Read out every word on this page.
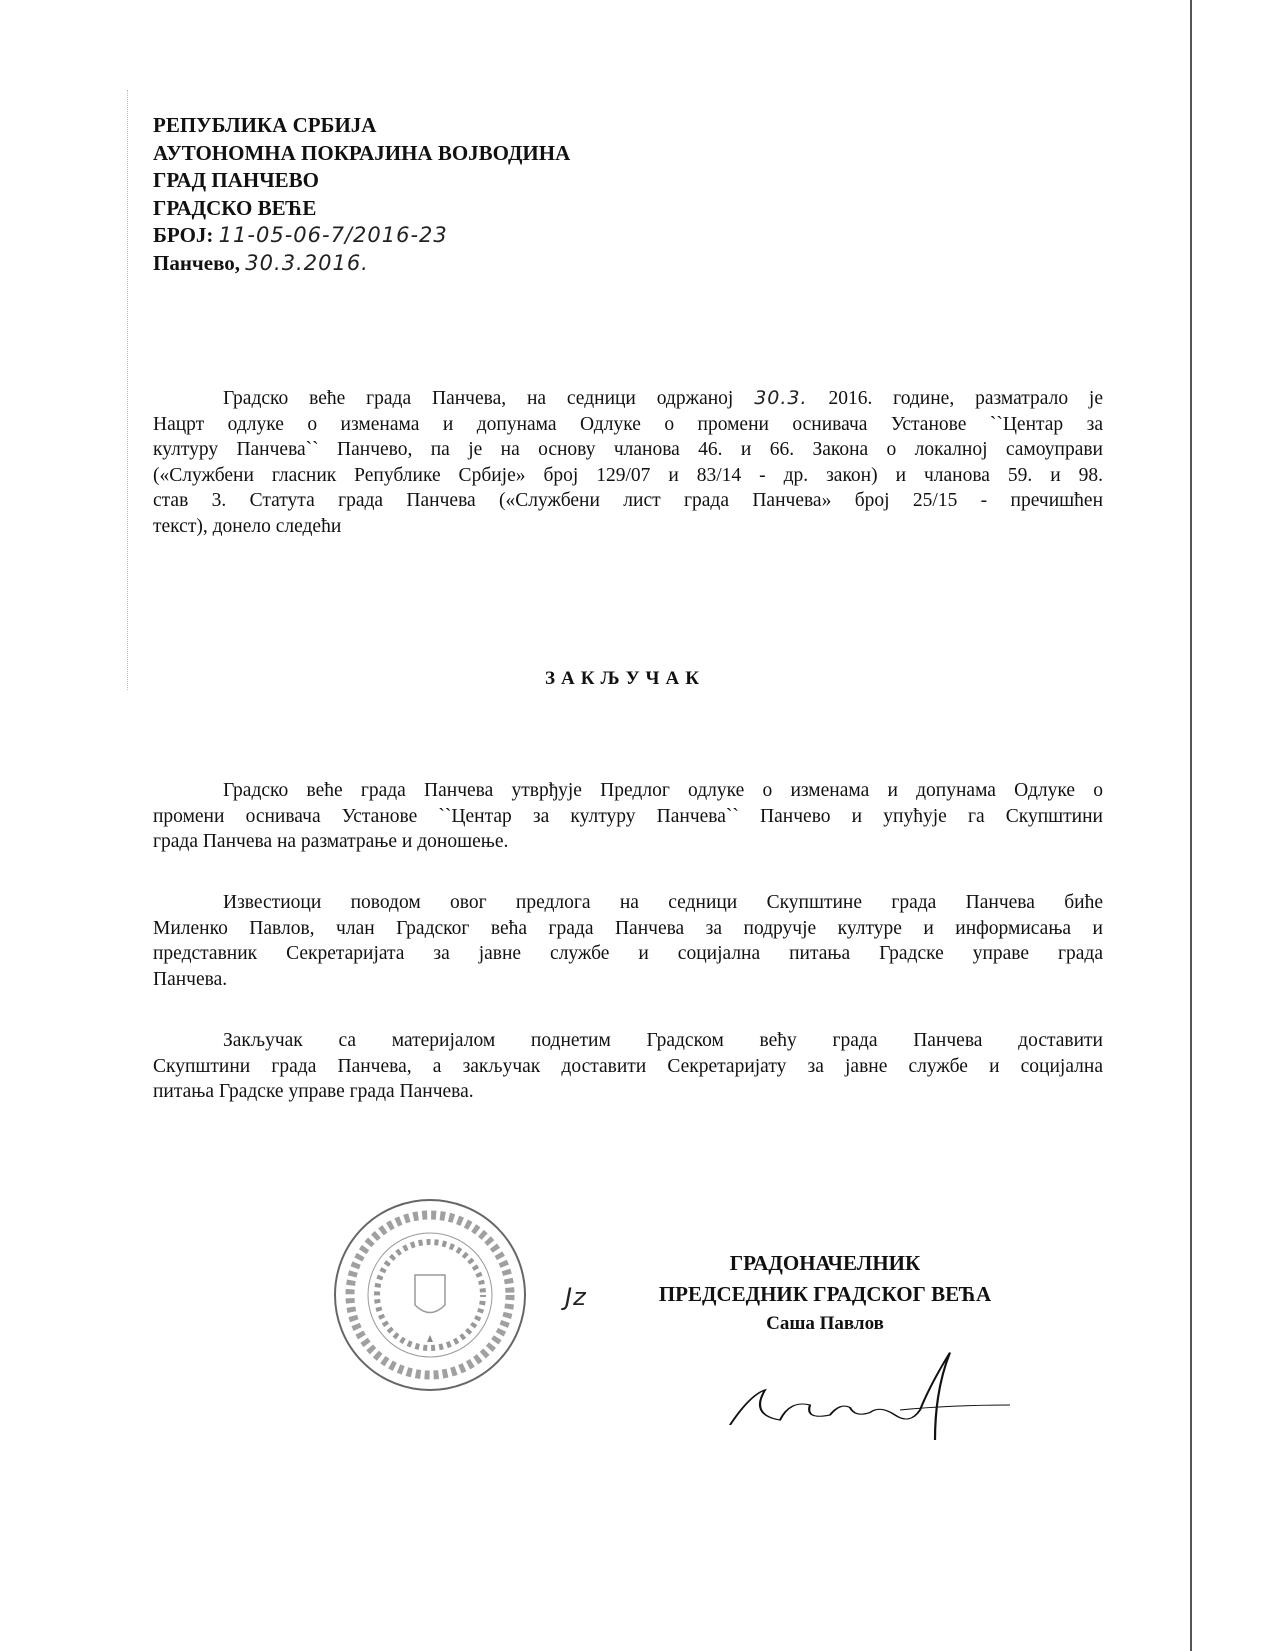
РЕПУБЛИКА СРБИЈА
АУТОНОМНА ПОКРАЈИНА ВОЈВОДИНА
ГРАД ПАНЧЕВО
ГРАДСКО ВЕЋЕ
БРОЈ: 11-05-06-7/2016-23
Панчево, 30.3.2016.
Градско веће града Панчева, на седници одржаној 30.3. 2016. године, разматрало је
Нацрт одлуке о изменама и допунама Одлуке о промени оснивача Установе ``Центар за
културу Панчева`` Панчево, па је на основу чланова 46. и 66. Закона о локалној самоуправи
(«Службени гласник Републике Србије» број 129/07 и 83/14 - др. закон) и чланова 59. и 98.
став 3. Статута града Панчева («Службени лист града Панчева» број 25/15 - пречишћен
текст), донело следећи
ЗАКЉУЧАК
Градско веће града Панчева утврђује Предлог одлуке о изменама и допунама Одлуке о
промени оснивача Установе ``Центар за културу Панчева`` Панчево и упућује га Скупштини
града Панчева на разматрање и доношење.
Известиоци поводом овог предлога на седници Скупштине града Панчева биће
Миленко Павлов, члан Градског већа града Панчева за подручје културе и информисања и
представник Секретаријата за јавне службе и социјална питања Градске управе града
Панчева.
Закључак са материјалом поднетим Градском већу града Панчева доставити
Скупштини града Панчева, а закључак доставити Секретаријату за јавне службе и социјална
питања Градске управе града Панчева.
ГРАДОНАЧЕЛНИК
ПРЕДСЕДНИК ГРАДСКОГ ВЕЋА
Саша Павлов
Јz
